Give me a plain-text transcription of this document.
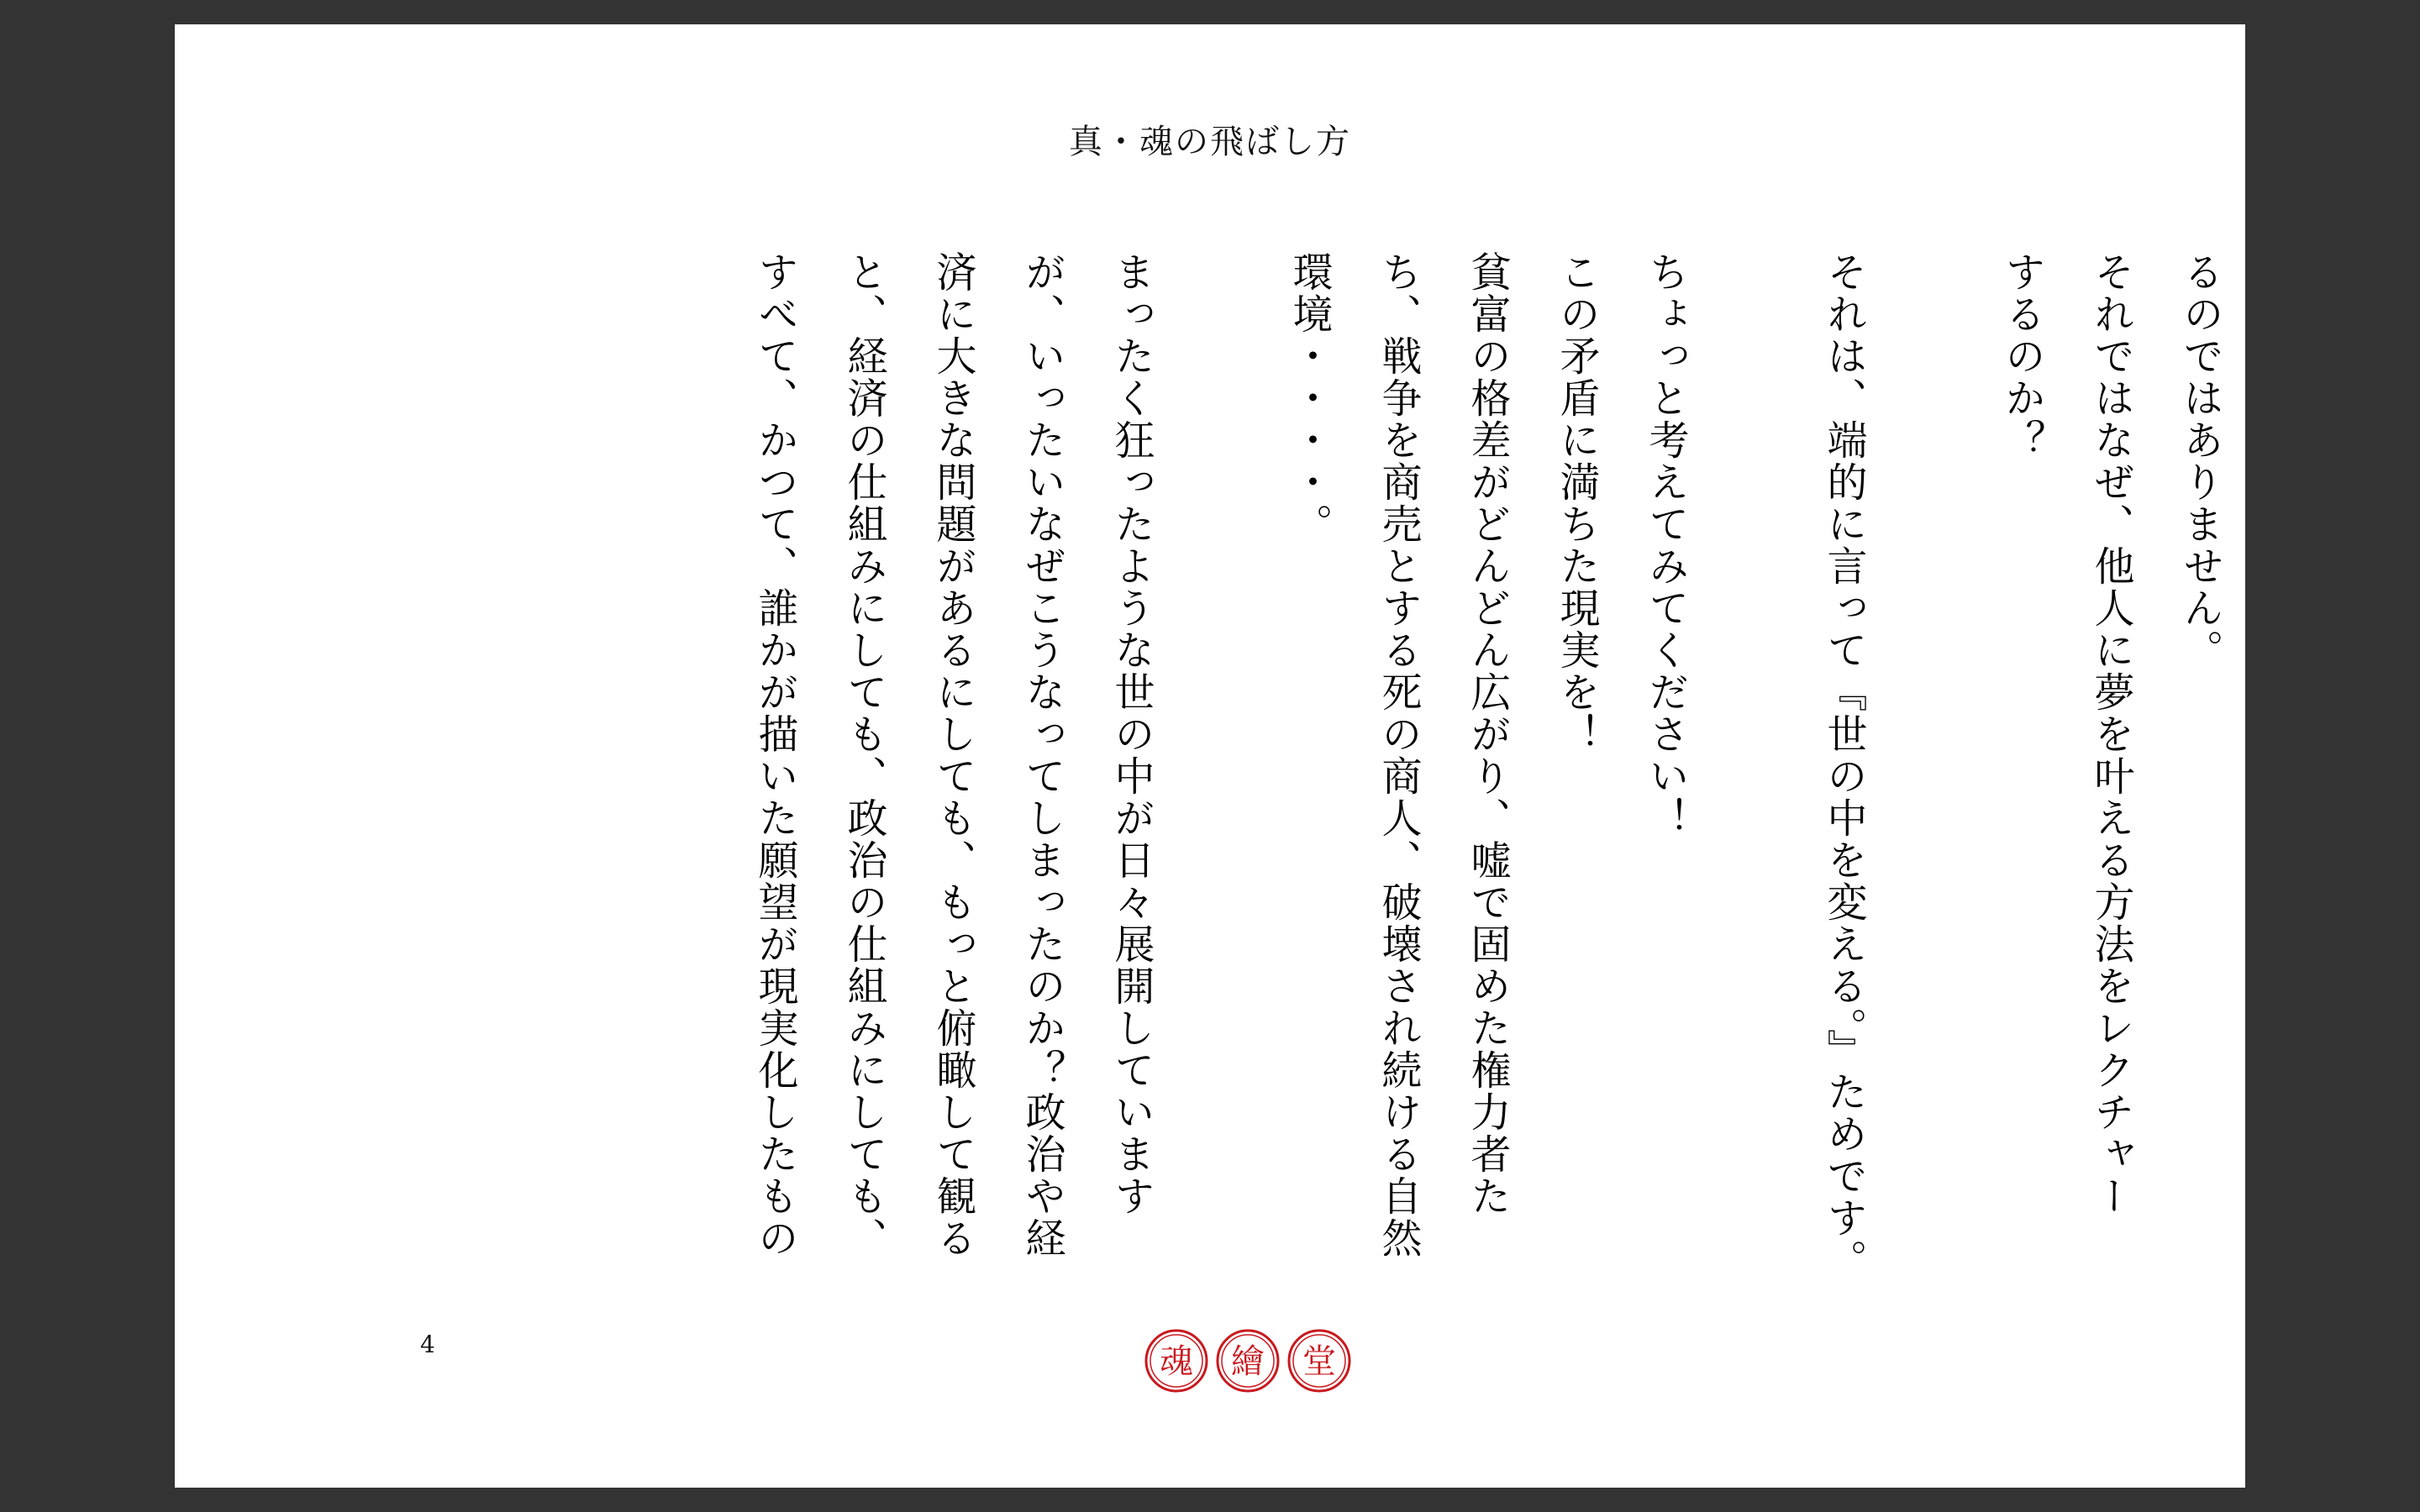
真・魂の飛ばし方
るのではありません。
それではなぜ、他人に夢を叶える方法をレクチャー
するのか？
それは、端的に言って『世の中を変える。』ためです。
ちょっと考えてみてください！
この矛盾に満ちた現実を！
貧富の格差がどんどん広がり、嘘で固めた権力者た
ち、戦争を商売とする死の商人、破壊され続ける自然
環境・・・・。
まったく狂ったような世の中が日々展開しています
が、いったいなぜこうなってしまったのか？政治や経
済に大きな問題があるにしても、もっと俯瞰して観る
と、経済の仕組みにしても、政治の仕組みにしても、
すべて、かつて、誰かが描いた願望が現実化したもの
4	魂 繪 堂
